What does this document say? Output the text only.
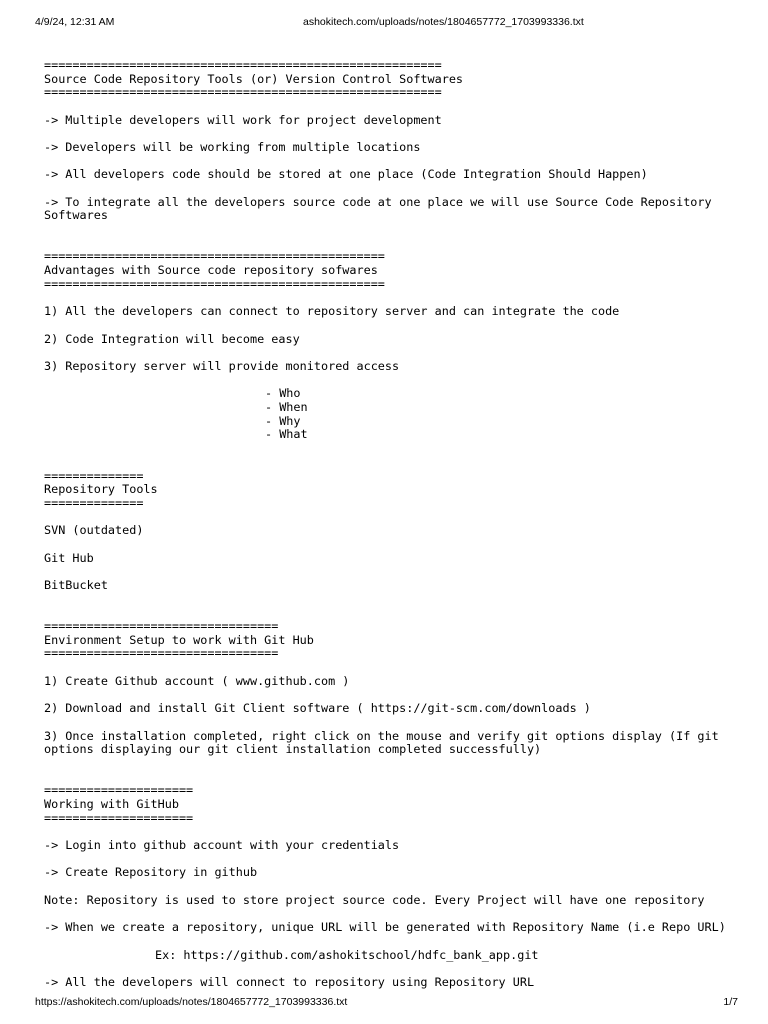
4/9/24, 12:31 AM	ashokitech.com/uploads/notes/1804657772_1703993336.txt
========================================================
Source Code Repository Tools (or) Version Control Softwares
========================================================
-> Multiple developers will work for project development
-> Developers will be working from multiple locations
-> All developers code should be stored at one place (Code Integration Should Happen)
-> To integrate all the developers source code at one place we will use Source Code Repository
Softwares
================================================
Advantages with Source code repository sofwares
================================================
1) All the developers can connect to repository server and can integrate the code
2) Code Integration will become easy
3) Repository server will provide monitored access
- Who
- When
- Why
- What
==============
Repository Tools
==============
SVN (outdated)
Git Hub
BitBucket
=================================
Environment Setup to work with Git Hub
=================================
1) Create Github account ( www.github.com )
2) Download and install Git Client software ( https://git-scm.com/downloads )
3) Once installation completed, right click on the mouse and verify git options display (If git
options displaying our git client installation completed successfully)
=====================
Working with GitHub
=====================
-> Login into github account with your credentials
-> Create Repository in github
Note: Repository is used to store project source code. Every Project will have one repository
-> When we create a repository, unique URL will be generated with Repository Name (i.e Repo URL)
Ex: https://github.com/ashokitschool/hdfc_bank_app.git
-> All the developers will connect to repository using Repository URL
https://ashokitech.com/uploads/notes/1804657772_1703993336.txt	1/7
